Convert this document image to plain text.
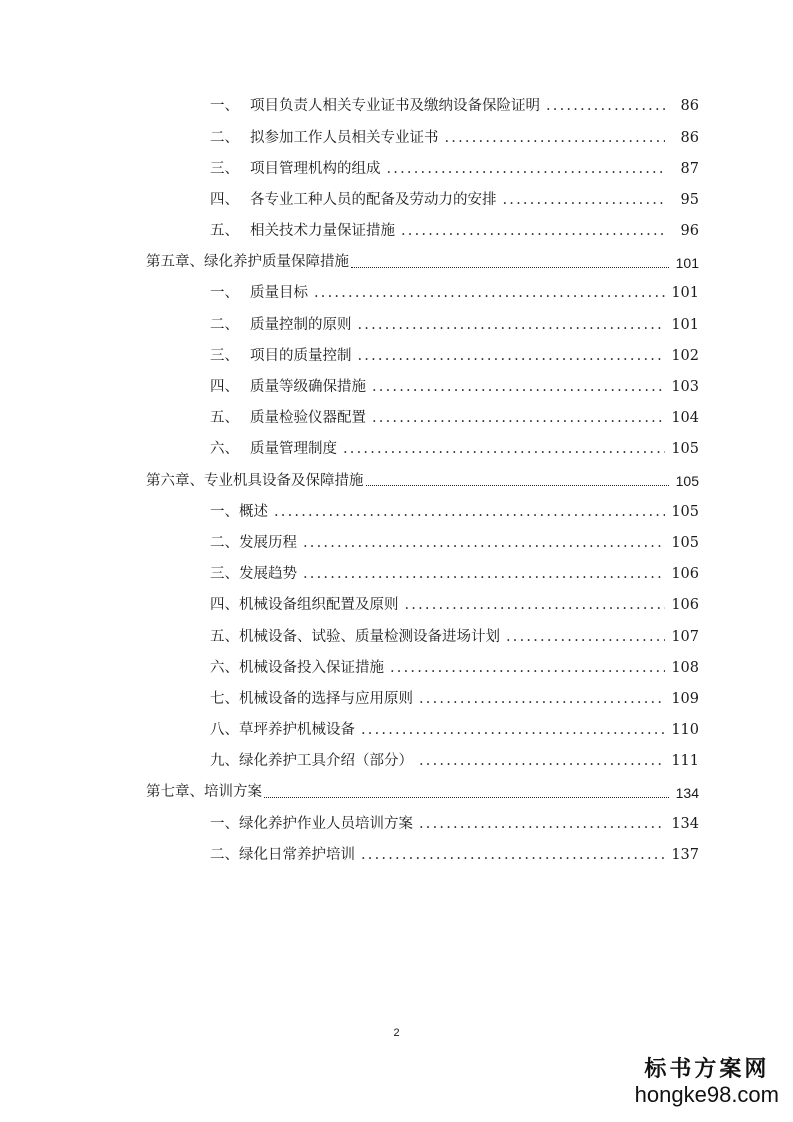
一、 项目负责人相关专业证书及缴纳设备保险证明 .....	86
二、 拟参加工作人员相关专业证书 .....	86
三、 项目管理机构的组成 .....	87
四、 各专业工种人员的配备及劳动力的安排 .....	95
五、 相关技术力量保证措施 .....	96
第五章、绿化养护质量保障措施	101
一、 质量目标 .....	101
二、 质量控制的原则 .....	101
三、 项目的质量控制 .....	102
四、 质量等级确保措施 .....	103
五、 质量检验仪器配置 .....	104
六、 质量管理制度 .....	105
第六章、专业机具设备及保障措施	105
一、 概述 .....	105
二、 发展历程 .....	105
三、 发展趋势 .....	106
四、 机械设备组织配置及原则 .....	106
五、 机械设备、试验、质量检测设备进场计划 .....	107
六、 机械设备投入保证措施 .....	108
七、 机械设备的选择与应用原则 .....	109
八、 草坪养护机械设备 .....	110
九、 绿化养护工具介绍（部分） .....	111
第七章、培训方案	134
一、 绿化养护作业人员培训方案 .....	134
二、 绿化日常养护培训 .....	137
2
标书方案网
hongke98.com
